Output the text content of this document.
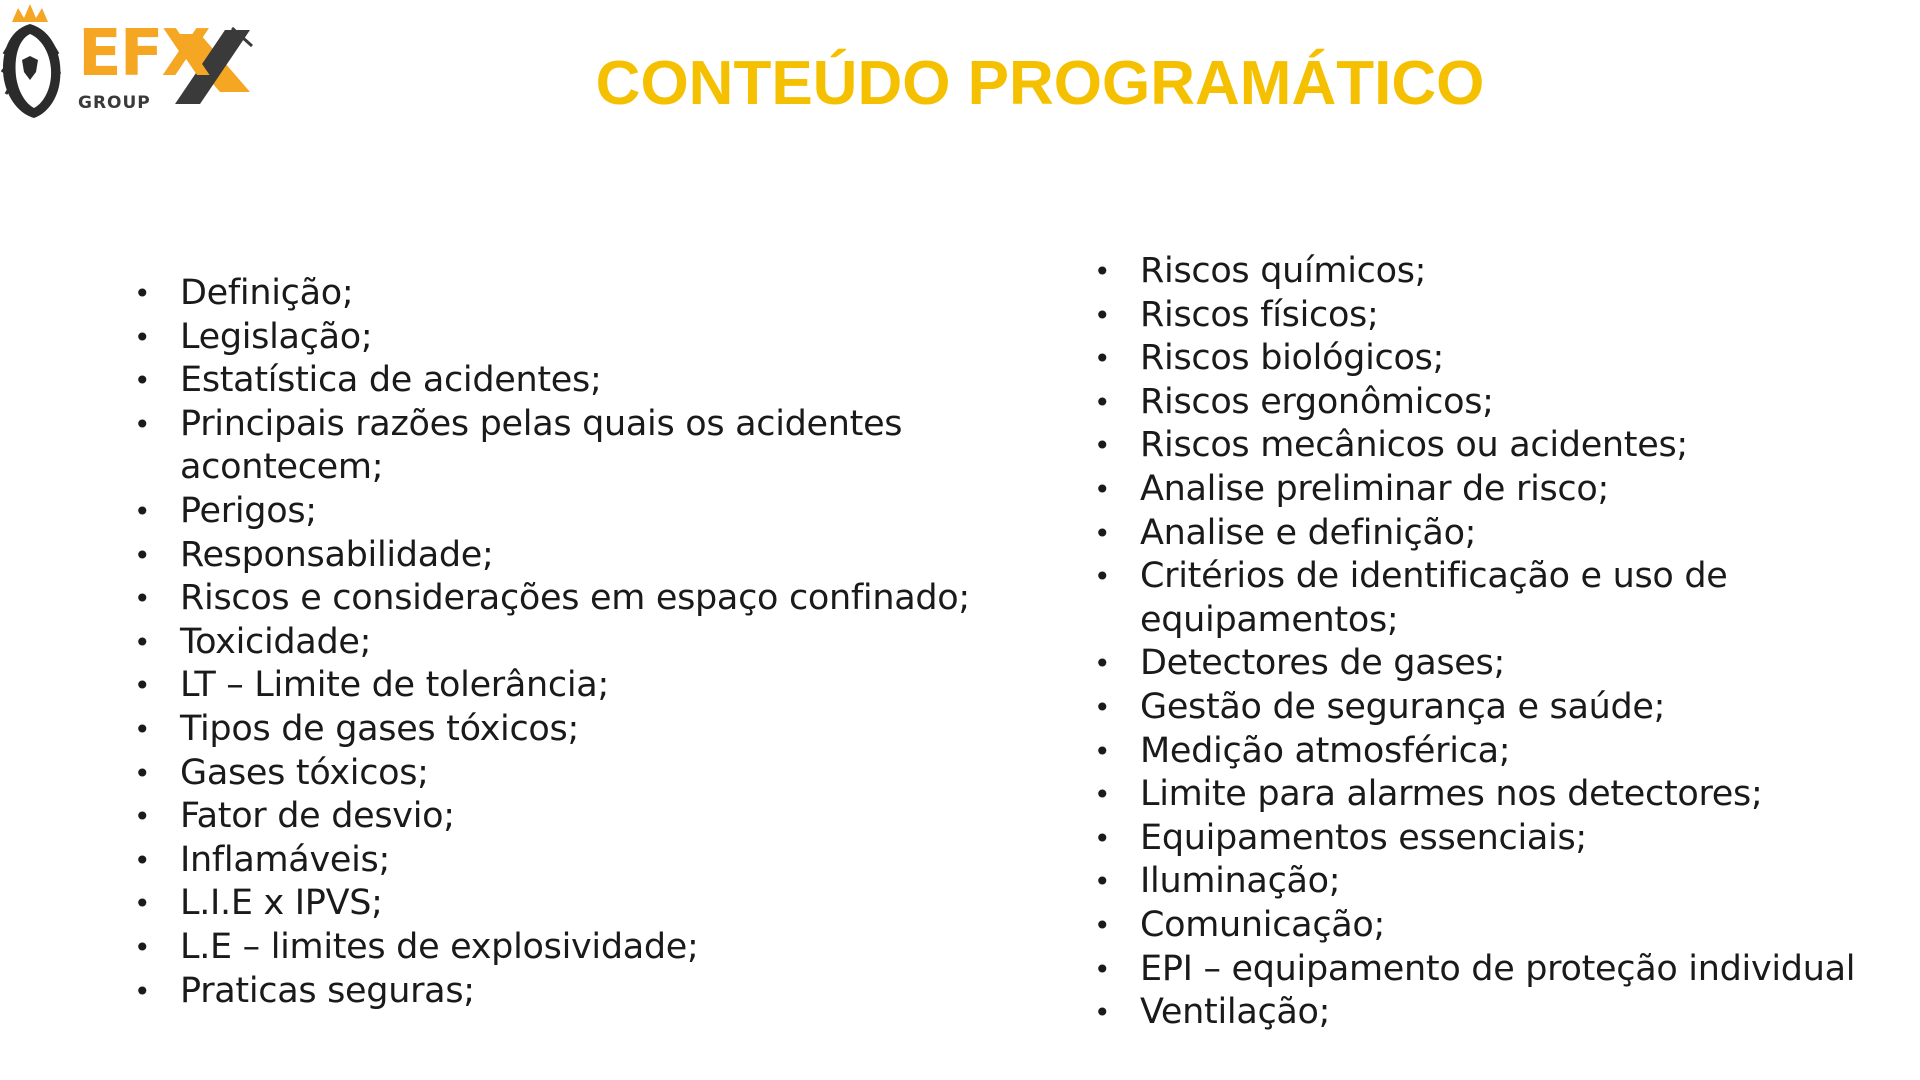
EFX
GROUP	CONTEÚDO PROGRAMÁTICO
• Definição;
• Legislação;
• Estatística de acidentes;
• Principais razões pelas quais os acidentes acontecem;
• Perigos;
• Responsabilidade;
• Riscos e considerações em espaço confinado;
• Toxicidade;
• LT – Limite de tolerância;
• Tipos de gases tóxicos;
• Gases tóxicos;
• Fator de desvio;
• Inflamáveis;
• L.I.E x IPVS;
• L.E – limites de explosividade;
• Praticas seguras;
• Riscos químicos;
• Riscos físicos;
• Riscos biológicos;
• Riscos ergonômicos;
• Riscos mecânicos ou acidentes;
• Analise preliminar de risco;
• Analise e definição;
• Critérios de identificação e uso de equipamentos;
• Detectores de gases;
• Gestão de segurança e saúde;
• Medição atmosférica;
• Limite para alarmes nos detectores;
• Equipamentos essenciais;
• Iluminação;
• Comunicação;
• EPI – equipamento de proteção individual
• Ventilação;
